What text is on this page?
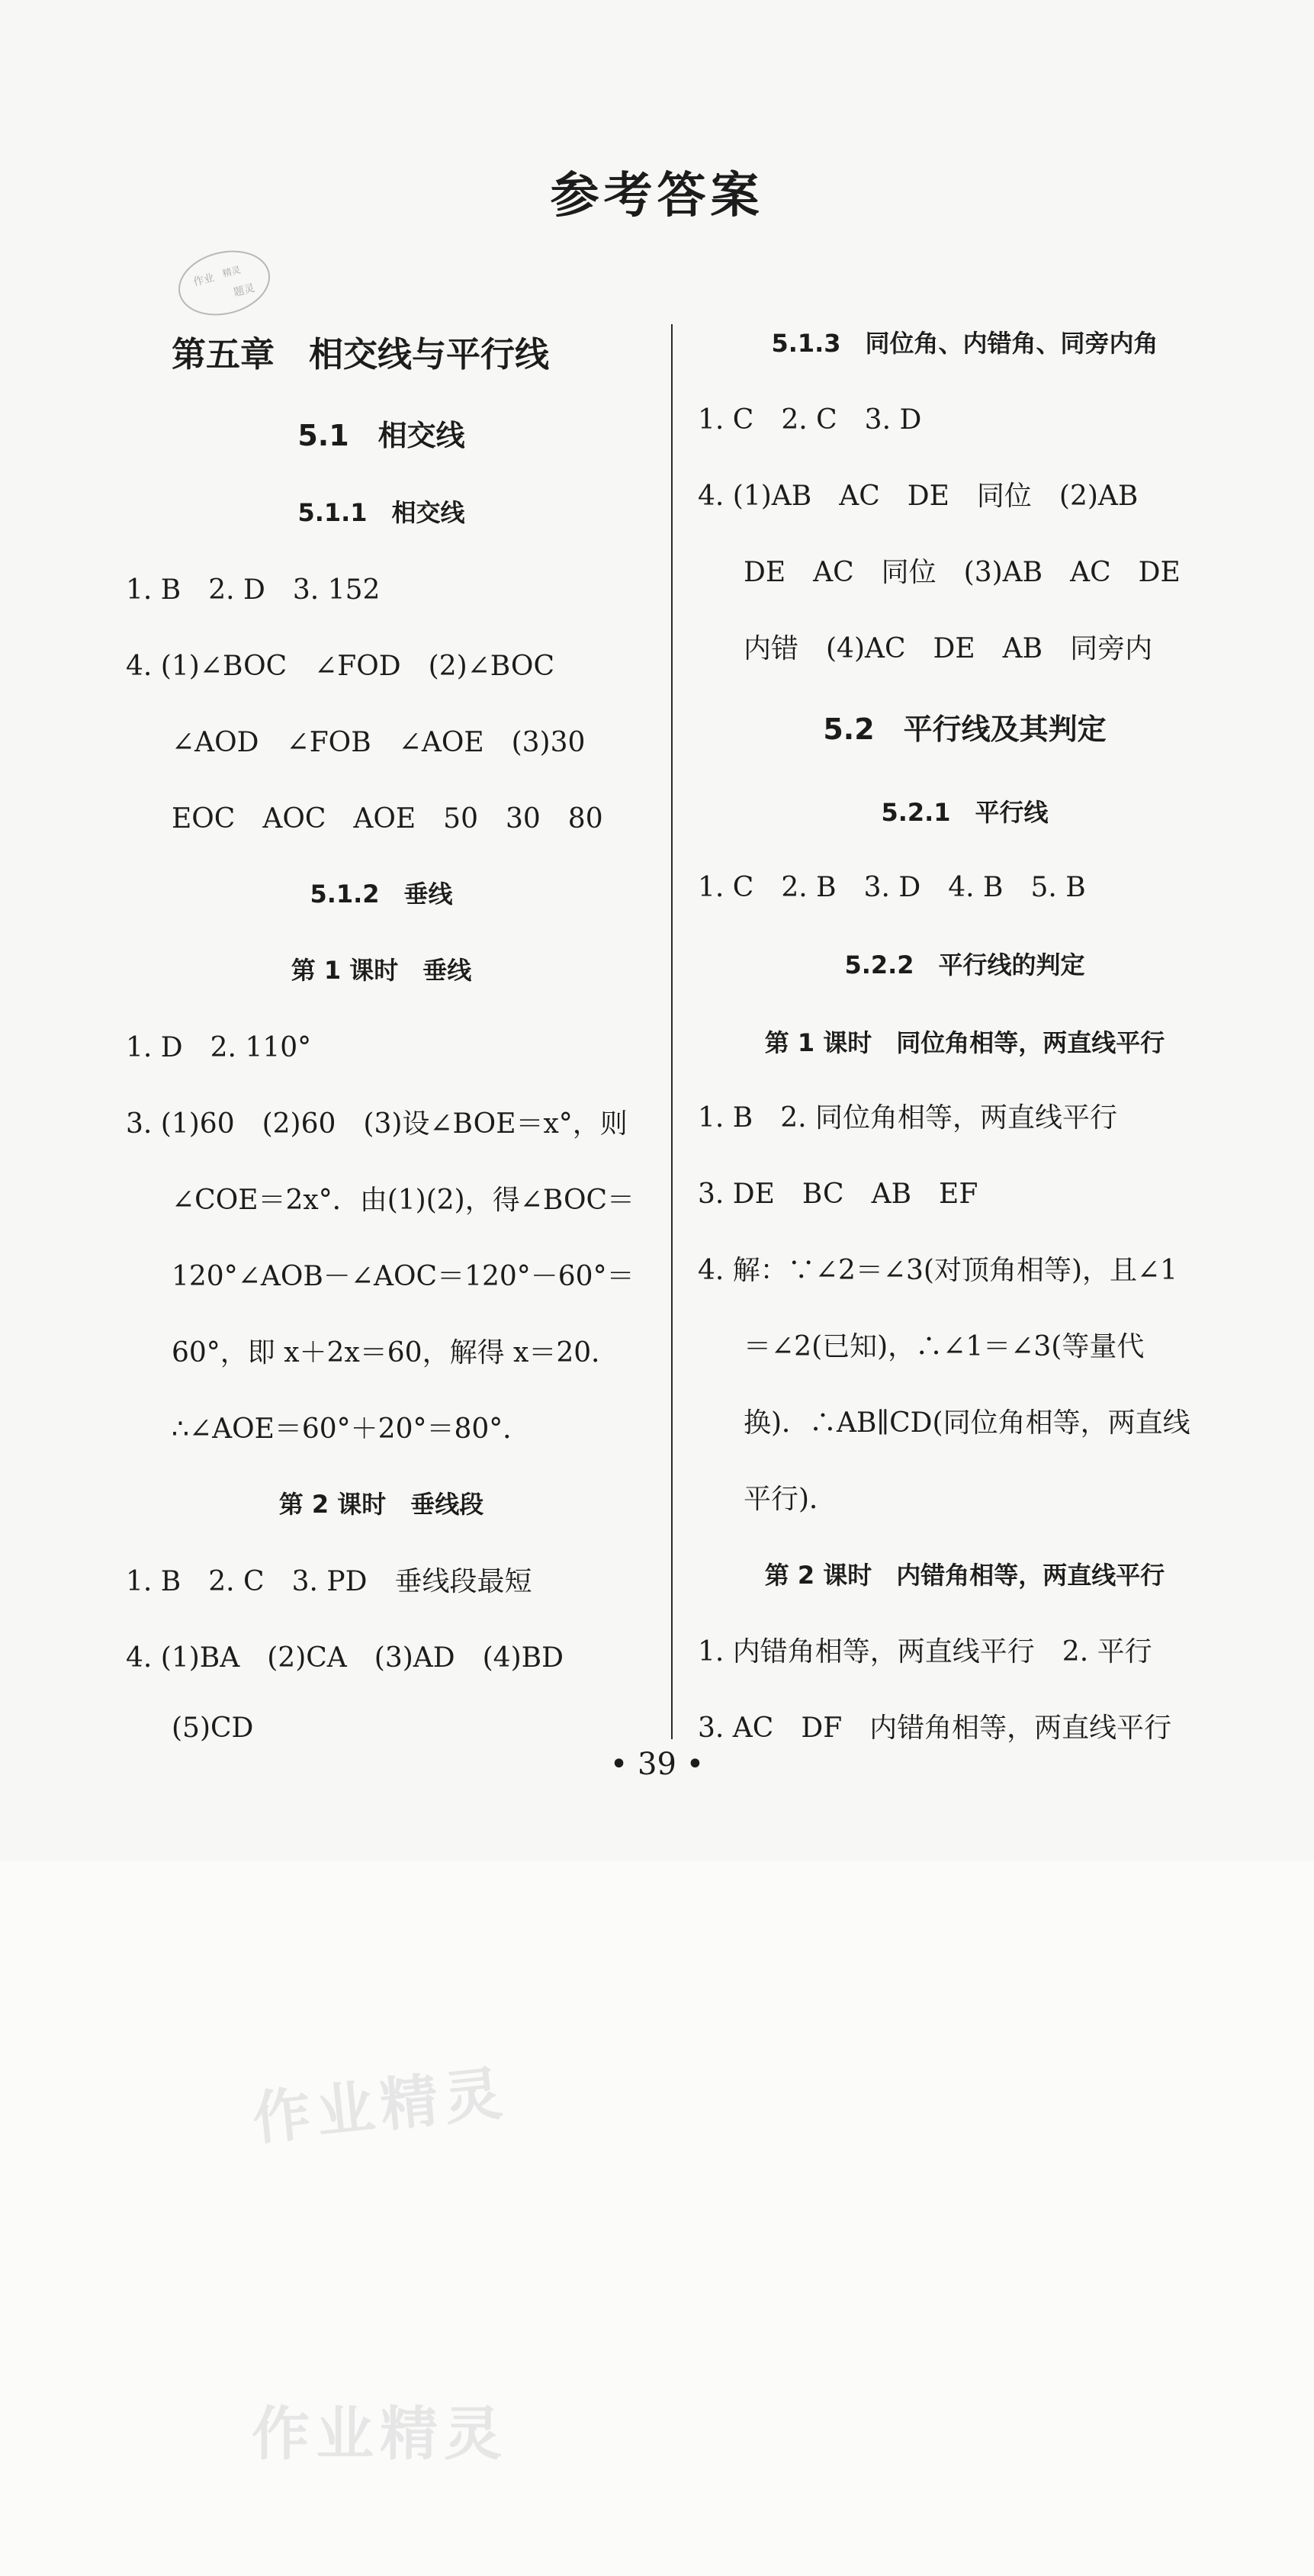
参考答案
作业 精灵
题灵
第五章　相交线与平行线
5.1　相交线
5.1.1　相交线
1. B　2. D　3. 152
4. (1)∠BOC　∠FOD　(2)∠BOC
∠AOD　∠FOB　∠AOE　(3)30
EOC　AOC　AOE　50　30　80
5.1.2　垂线
第 1 课时　垂线
1. D　2. 110°
3. (1)60　(2)60　(3)设∠BOE＝x°，则
∠COE＝2x°．由(1)(2)，得∠BOC＝
120°∠AOB－∠AOC＝120°－60°＝
60°，即 x＋2x＝60，解得 x＝20．
∴∠AOE＝60°＋20°＝80°．
第 2 课时　垂线段
1. B　2. C　3. PD　垂线段最短
4. (1)BA　(2)CA　(3)AD　(4)BD
(5)CD
5.1.3　同位角、内错角、同旁内角
1. C　2. C　3. D
4. (1)AB　AC　DE　同位　(2)AB
DE　AC　同位　(3)AB　AC　DE
内错　(4)AC　DE　AB　同旁内
5.2　平行线及其判定
5.2.1　平行线
1. C　2. B　3. D　4. B　5. B
5.2.2　平行线的判定
第 1 课时　同位角相等，两直线平行
1. B　2. 同位角相等，两直线平行
3. DE　BC　AB　EF
4. 解：∵∠2＝∠3(对顶角相等)，且∠1
＝∠2(已知)，∴∠1＝∠3(等量代
换)．∴AB∥CD(同位角相等，两直线
平行)．
第 2 课时　内错角相等，两直线平行
1. 内错角相等，两直线平行　2. 平行
3. AC　DF　内错角相等，两直线平行
• 39 •
作业精灵
作业精灵
